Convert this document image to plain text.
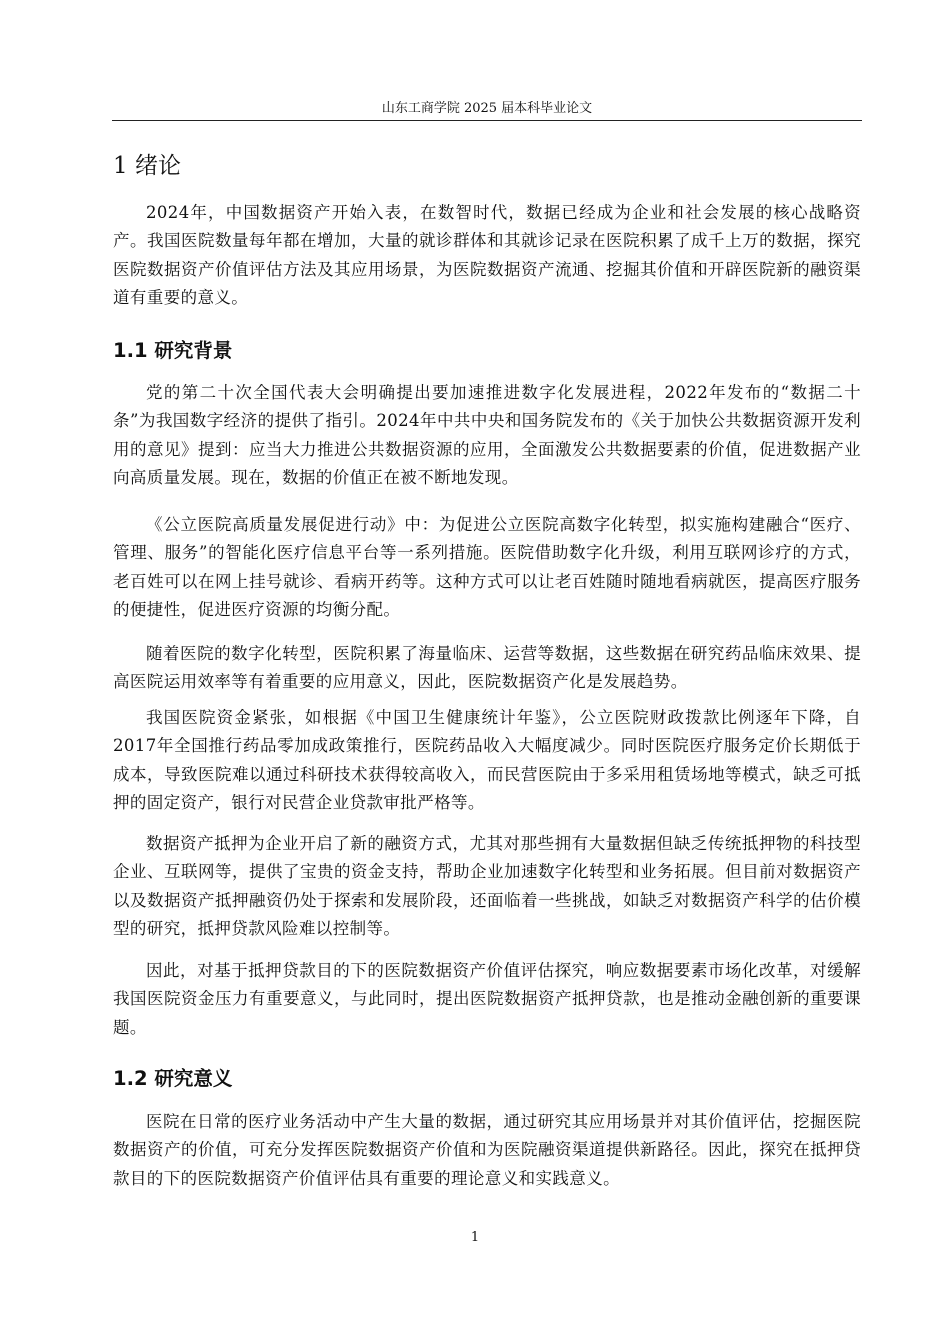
山东工商学院 2025 届本科毕业论文
1 绪论

2024年，中国数据资产开始入表，在数智时代，数据已经成为企业和社会发展的核心战略资产。我国医院数量每年都在增加，大量的就诊群体和其就诊记录在医院积累了成千上万的数据，探究医院数据资产价值评估方法及其应用场景，为医院数据资产流通、挖掘其价值和开辟医院新的融资渠道有重要的意义。

1.1 研究背景

党的第二十次全国代表大会明确提出要加速推进数字化发展进程，2022年发布的“数据二十条”为我国数字经济的提供了指引。2024年中共中央和国务院发布的《关于加快公共数据资源开发利用的意见》提到：应当大力推进公共数据资源的应用，全面激发公共数据要素的价值，促进数据产业向高质量发展。现在，数据的价值正在被不断地发现。

《公立医院高质量发展促进行动》中：为促进公立医院高数字化转型，拟实施构建融合“医疗、管理、服务”的智能化医疗信息平台等一系列措施。医院借助数字化升级，利用互联网诊疗的方式，老百姓可以在网上挂号就诊、看病开药等。这种方式可以让老百姓随时随地看病就医，提高医疗服务的便捷性，促进医疗资源的均衡分配。

随着医院的数字化转型，医院积累了海量临床、运营等数据，这些数据在研究药品临床效果、提高医院运用效率等有着重要的应用意义，因此，医院数据资产化是发展趋势。

我国医院资金紧张，如根据《中国卫生健康统计年鉴》，公立医院财政拨款比例逐年下降，自2017年全国推行药品零加成政策推行，医院药品收入大幅度减少。同时医院医疗服务定价长期低于成本，导致医院难以通过科研技术获得较高收入，而民营医院由于多采用租赁场地等模式，缺乏可抵押的固定资产，银行对民营企业贷款审批严格等。

数据资产抵押为企业开启了新的融资方式，尤其对那些拥有大量数据但缺乏传统抵押物的科技型企业、互联网等，提供了宝贵的资金支持，帮助企业加速数字化转型和业务拓展。但目前对数据资产以及数据资产抵押融资仍处于探索和发展阶段，还面临着一些挑战，如缺乏对数据资产科学的估价模型的研究，抵押贷款风险难以控制等。

因此，对基于抵押贷款目的下的医院数据资产价值评估探究，响应数据要素市场化改革，对缓解我国医院资金压力有重要意义，与此同时，提出医院数据资产抵押贷款，也是推动金融创新的重要课题。

1.2 研究意义

医院在日常的医疗业务活动中产生大量的数据，通过研究其应用场景并对其价值评估，挖掘医院数据资产的价值，可充分发挥医院数据资产价值和为医院融资渠道提供新路径。因此，探究在抵押贷款目的下的医院数据资产价值评估具有重要的理论意义和实践意义。

1
